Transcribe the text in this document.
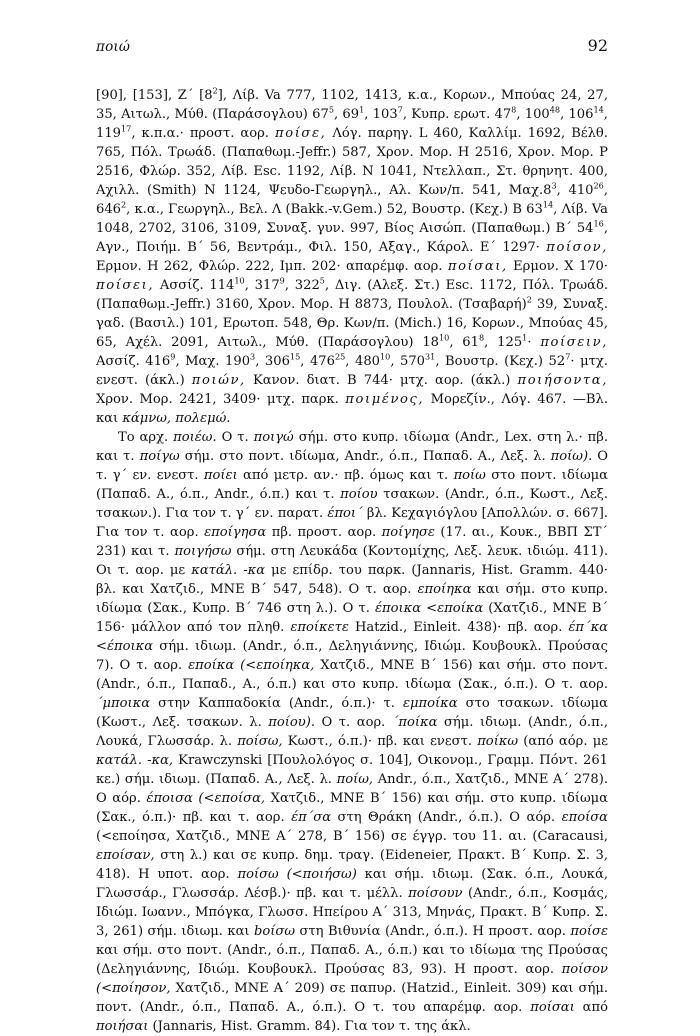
ποιώ	92

[90], [153], Ζ΄ $[8^2]$, Λίβ. Va 777, 1102, 1413, κ.α., Κορων., Μπούας 24, 27, 35, Αιτωλ., Μύθ. (Παράσογλου) $67^5$, $69^1$, $103^7$, Κυπρ. ερωτ. $47^8$, $100^{48}$, $106^{14}$, $119^{17}$, κ.π.α.· προστ. αορ. ποίσε, Λόγ. παρηγ. L 460, Καλλίμ. 1692, Βέλθ. 765, Πόλ. Τρωάδ. (Παπαθωμ.-Jeffr.) 587, Χρον. Μορ. Η 2516, Χρον. Μορ. Ρ 2516, Φλώρ. 352, Λίβ. Esc. 1192, Λίβ. Ν 1041, Ντελλαπ., Στ. θρηνητ. 400, Αχιλλ. (Smith) Ν 1124, Ψευδο-Γεωργηλ., Αλ. Κων/π. 541, $M\alpha\chi.8^3$, $410^{26}$, $646^2$, κ.α., Γεωργηλ., Βελ. Λ (Bakk.-v.Gem.) 52, Βουστρ. (Κεχ.) Β $63^{14}$, Λίβ. Va 1048, 2702, 3106, 3109, Συναξ. γυν. 997, Βίος Αισώπ. (Παπαθωμ.) Β΄ $54^{16}$, Αγν., Ποιήμ. Β΄ 56, Βεντράμ., Φιλ. 150, Αξαγ., Κάρολ. Ε΄ 1297· ποίσον, Ερμον. Η 262, Φλώρ. 222, Ιμπ. 202· απαρέμφ. αορ. ποίσαι, Ερμον. Χ 170· ποίσει, Ασσίζ. $114^{10}$, $317^9$, $322^5$, Διγ. (Αλεξ. Στ.) Esc. 1172, Πόλ. Τρωάδ. (Παπαθωμ.-Jeffr.) 3160, Χρον. Μορ. Η 8873, Πουλολ. $(T\sigma\alpha\beta\alpha\rho ή)^2$ 39, Συναξ. γαδ. (Βασιλ.) 101, Ερωτοπ. 548, Θρ. Κων/π. (Mich.) 16, Κορων., Μπούας 45, 65, Αχέλ. 2091, Αιτωλ., Μύθ. (Παράσογλου) $18^{10}$, $61^8$, $125^1\cdot \pi oί\sigma\varepsilon\iota\nu$, Ασσίζ. $416^9$, Μαχ. $190^3$, $306^{15}$, $476^{25}$, $480^{10}$, $570^{31}$, Βουστρ. (Κεχ.) $52^7\cdot \mu\tau\chi$. ενεστ. (άκλ.) ποιών, Κανον. διατ. Β 744· μτχ. αορ. (άκλ.) ποιήσοντα, Χρον. Μορ. 2421, 3409· μτχ. παρκ. ποιμένος, Μορεζίν., Λόγ. 467. —Βλ. και κάμνω, πολεμώ.

Το αρχ. ποιέω. Ο τ. ποιγώ σήμ. στο κυπρ. ιδίωμα (Andr., Lex. στη λ.· πβ. και τ. ποίγω σήμ. στο ποντ. ιδίωμα, Andr., ό.π., Παπαδ. Α., Λεξ. λ. ποίω). Ο τ. γ΄ εν. ενεστ. ποίει από μετρ. αν.· πβ. όμως και τ. ποίω στο ποντ. ιδίωμα (Παπαδ. Α., ό.π., Andr., ό.π.) και τ. ποίου τσακων. (Andr., ό.π., Κωστ., Λεξ. τσακων.). Για τον τ. γ΄ εν. παρατ. έποι΄ βλ. Κεχαγιόγλου [Απολλών. σ. 667]. Για τον τ. αορ. εποίγησα πβ. προστ. αορ. ποίγησε (17. αι., Κουκ., ΒΒΠ ΣΤ΄ 231) και τ. ποιγήσω σήμ. στη Λευκάδα (Κοντομίχης, Λεξ. λευκ. ιδιώμ. 411). Οι τ. αορ. με κατάλ. -κα με επίδρ. του παρκ. (Jannaris, Hist. Gramm. 440· βλ. και Χατζιδ., ΜΝΕ Β΄ 547, 548). Ο τ. αορ. εποίηκα και σήμ. στο κυπρ. ιδίωμα (Σακ., Κυπρ. Β΄ 746 στη λ.). Ο τ. έποικα <εποίκα (Χατζιδ., ΜΝΕ Β΄ 156· μάλλον από τον πληθ. εποίκετε Hatzid., Einleit. 438)· πβ. αορ. έπ΄κα <έποικα σήμ. ιδιωμ. (Andr., ό.π., Δεληγιάννης, Ιδιώμ. Κουβουκλ. Προύσας 7). Ο τ. αορ. εποίκα (<εποίηκα, Χατζιδ., ΜΝΕ Β΄ 156) και σήμ. στο ποντ. (Andr., ό.π., Παπαδ., Α., ό.π.) και στο κυπρ. ιδίωμα (Σακ., ό.π.). Ο τ. αορ. ΄μποικα στην Καππαδοκία (Andr., ό.π.)· τ. εμποίκα στο τσακων. ιδίωμα (Κωστ., Λεξ. τσακων. λ. ποίου). Ο τ. αορ. ΄ποίκα σήμ. ιδιωμ. (Andr., ό.π., Λουκά, Γλωσσάρ. λ. ποίσω, Κωστ., ό.π.)· πβ. και ενεστ. ποίκω (από αόρ. με κατάλ. -κα, Krawczynski [Πουλολόγος σ. 104], Οικονομ., Γραμμ. Πόντ. 261 κε.) σήμ. ιδιωμ. (Παπαδ. Α., Λεξ. λ. ποίω, Andr., ό.π., Χατζιδ., ΜΝΕ Α΄ 278). Ο αόρ. έποισα (<εποίσα, Χατζιδ., ΜΝΕ Β΄ 156) και σήμ. στο κυπρ. ιδίωμα (Σακ., ό.π.)· πβ. και τ. αορ. έπ΄σα στη Θράκη (Andr., ό.π.). Ο αόρ. εποίσα (<εποίησα, Χατζιδ., ΜΝΕ Α΄ 278, Β΄ 156) σε έγγρ. του 11. αι. (Caracausi, εποίσαν, στη λ.) και σε κυπρ. δημ. τραγ. (Eideneier, Πρακτ. Β΄ Κυπρ. Σ. 3, 418). Η υποτ. αορ. ποίσω (<ποιήσω) και σήμ. ιδιωμ. (Σακ. ό.π., Λουκά, Γλωσσάρ., Γλωσσάρ. Λέσβ.)· πβ. και τ. μέλλ. ποίσουν (Andr., ό.π., Κοσμάς, Ιδιώμ. Ιωανν., Μπόγκα, Γλωσσ. Ηπείρου Α΄ 313, Μηνάς, Πρακτ. Β΄ Κυπρ. Σ. 3, 261) σήμ. ιδιωμ. και boίσω στη Βιθυνία (Andr., ό.π.). Η προστ. αορ. ποίσε και σήμ. στο ποντ. (Andr., ό.π., Παπαδ. Α., ό.π.) και το ιδίωμα της Προύσας (Δεληγιάννης, Ιδιώμ. Κουβουκλ. Προύσας 83, 93). Η προστ. αορ. ποίσον (<ποίησον, Χατζιδ., ΜΝΕ Α΄ 209) σε παπυρ. (Hatzid., Einleit. 309) και σήμ. ποντ. (Andr., ό.π., Παπαδ. Α., ό.π.). Ο τ. του απαρέμφ. αορ. ποίσαι από ποιήσαι (Jannaris, Hist. Gramm. 84). Για τον τ. της άκλ.
